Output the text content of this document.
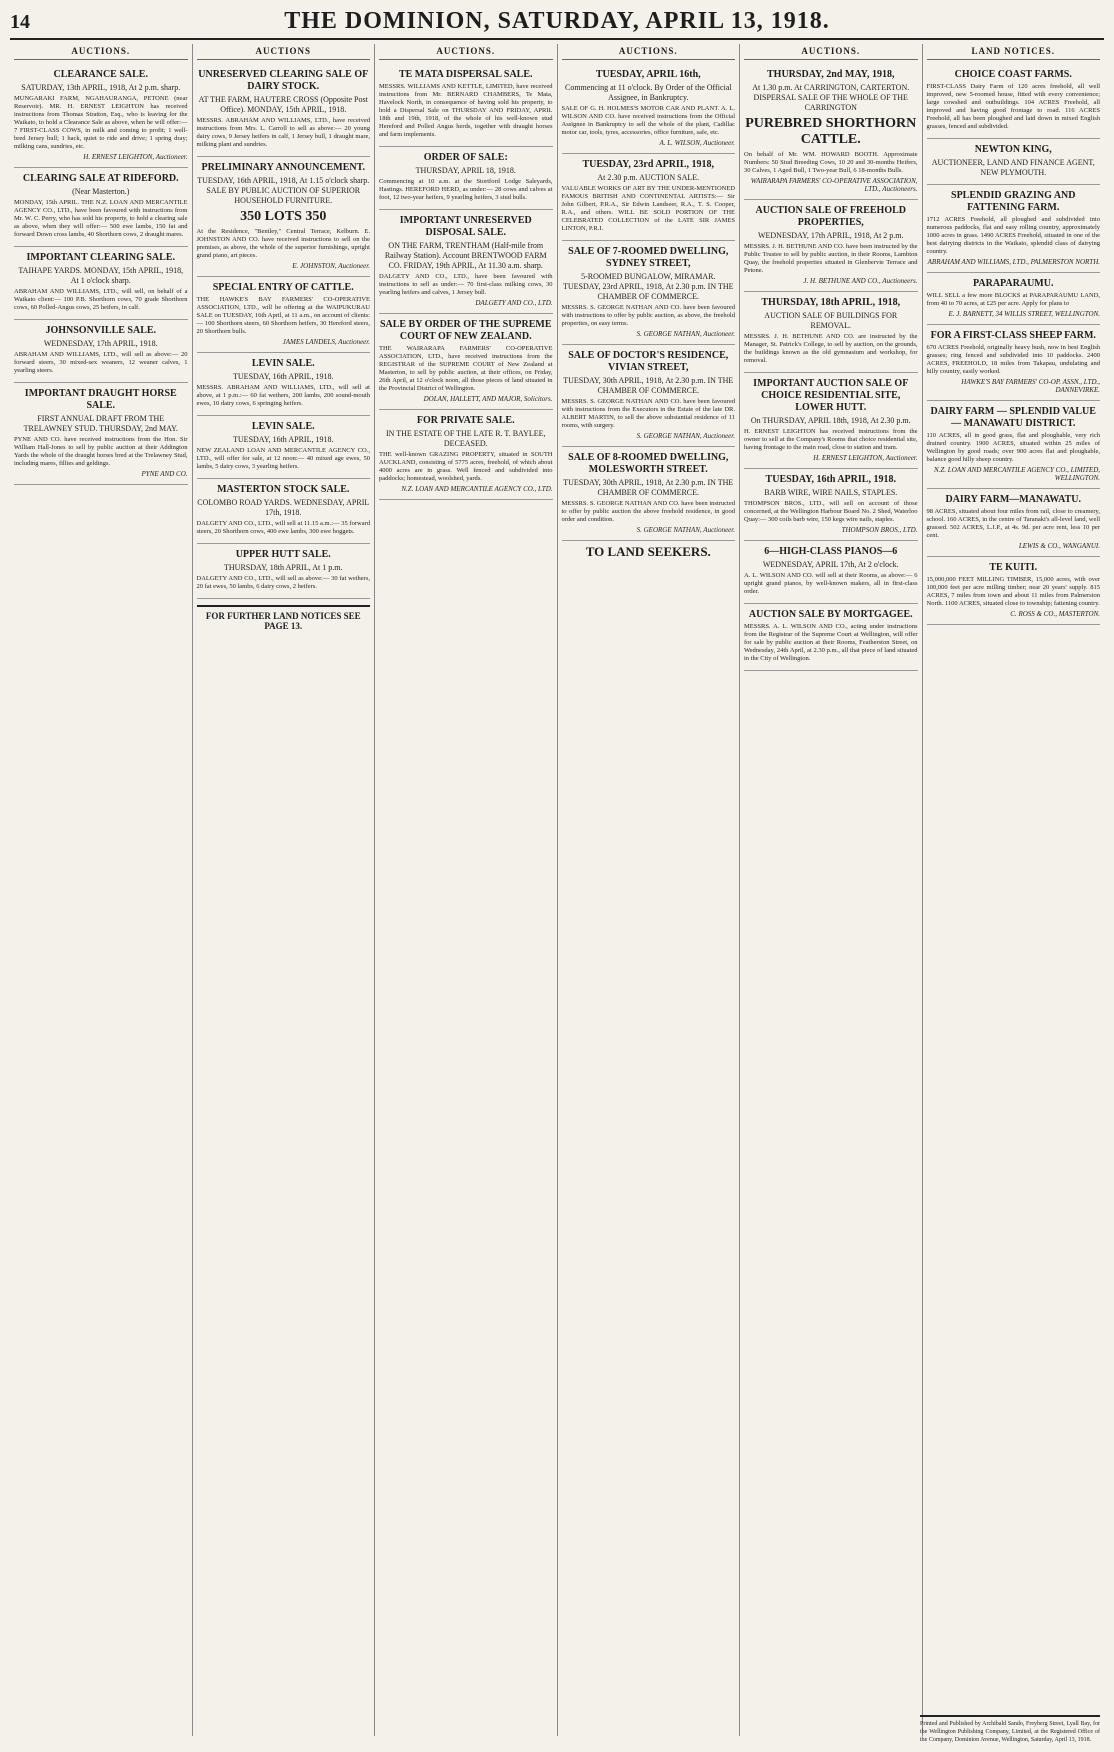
14	THE DOMINION, SATURDAY, APRIL 13, 1918.
AUCTIONS.
CLEARANCE SALE.
SATURDAY, 13th APRIL, 1918, At 2 p.m. sharp.
MUNGARAKI FARM, NGAHAURANGA, PETONE (near Reservoir). MR. H. ERNEST LEIGHTON has received instructions from Thomas Stratton, Esq., who is leaving for the Waikato, to hold a Clearance Sale as above, when he will offer:— 7 FIRST-CLASS COWS, in milk and coming to profit; 1 well-bred Jersey bull; 1 hack, quiet to ride and drive; 1 spring dray; milking cans, sundries, etc.
H. ERNEST LEIGHTON, Auctioneer.
CLEARING SALE AT RIDEFORD.
(Near Masterton.)
MONDAY, 15th APRIL. THE N.Z. LOAN AND MERCANTILE AGENCY CO., LTD., have been favoured with instructions from Mr. W. C. Perry, who has sold his property, to hold a clearing sale as above, when they will offer:— 500 ewe lambs, 150 fat and forward Down cross lambs, 40 Shorthorn cows, 2 draught mares.
IMPORTANT CLEARING SALE.
TAIHAPE YARDS. MONDAY, 15th APRIL, 1918, At 1 o'clock sharp.
ABRAHAM AND WILLIAMS, LTD., will sell, on behalf of a Waikato client:— 100 P.B. Shorthorn cows, 70 grade Shorthorn cows, 60 Polled-Angus cows, 25 heifers, in calf.
JOHNSONVILLE SALE.
WEDNESDAY, 17th APRIL, 1918.
ABRAHAM AND WILLIAMS, LTD., will sell as above:— 20 forward steers, 30 mixed-sex weaners, 12 weaner calves, 1 yearling steers.
IMPORTANT DRAUGHT HORSE SALE.
FIRST ANNUAL DRAFT FROM THE TRELAWNEY STUD. THURSDAY, 2nd MAY.
PYNE AND CO. have received instructions from the Hon. Sir William Hall-Jones to sell by public auction at their Addington Yards the whole of the draught horses bred at the Trelawney Stud, including mares, fillies and geldings.
PYNE AND CO.
AUCTIONS
UNRESERVED CLEARING SALE OF DAIRY STOCK.
AT THE FARM, HAUTERE CROSS (Opposite Post Office). MONDAY, 15th APRIL, 1918.
MESSRS. ABRAHAM AND WILLIAMS, LTD., have received instructions from Mrs. L. Carroll to sell as above:— 20 young dairy cows, 9 Jersey heifers in calf, 1 Jersey bull, 1 draught mare, milking plant and sundries.
PRELIMINARY ANNOUNCEMENT.
TUESDAY, 16th APRIL, 1918, At 1.15 o'clock sharp. SALE BY PUBLIC AUCTION OF SUPERIOR HOUSEHOLD FURNITURE.
350 LOTS 350
At the Residence, "Bentley," Central Terrace, Kelburn. E. JOHNSTON AND CO. have received instructions to sell on the premises, as above, the whole of the superior furnishings, upright grand piano, art pieces.
E. JOHNSTON, Auctioneer.
SPECIAL ENTRY OF CATTLE.
THE HAWKE'S BAY FARMERS' CO-OPERATIVE ASSOCIATION, LTD., will be offering at the WAIPUKURAU SALE on TUESDAY, 16th April, at 11 a.m., on account of clients:— 100 Shorthorn steers, 60 Shorthorn heifers, 30 Hereford steers, 20 Shorthorn bulls.
JAMES LANDELS, Auctioneer.
LEVIN SALE.
TUESDAY, 16th APRIL, 1918.
MESSRS. ABRAHAM AND WILLIAMS, LTD., will sell at above, at 1 p.m.:— 60 fat wethers, 200 lambs, 200 sound-mouth ewes, 10 dairy cows, 6 springing heifers.
LEVIN SALE.
TUESDAY, 16th APRIL, 1918.
NEW ZEALAND LOAN AND MERCANTILE AGENCY CO., LTD., will offer for sale, at 12 noon:— 40 mixed age ewes, 50 lambs, 5 dairy cows, 3 yearling heifers.
MASTERTON STOCK SALE.
COLOMBO ROAD YARDS. WEDNESDAY, APRIL 17th, 1918.
DALGETY AND CO., LTD., will sell at 11.15 a.m.:— 35 forward steers, 20 Shorthorn cows, 400 ewe lambs, 300 ewe hoggets.
UPPER HUTT SALE.
THURSDAY, 18th APRIL, At 1 p.m.
DALGETY AND CO., LTD., will sell as above:— 30 fat wethers, 20 fat ewes, 50 lambs, 6 dairy cows, 2 heifers.
FOR FURTHER LAND NOTICES SEE PAGE 13.
AUCTIONS.
TE MATA DISPERSAL SALE.
MESSRS. WILLIAMS AND KETTLE, LIMITED, have received instructions from Mr. BERNARD CHAMBERS, Te Mata, Havelock North, in consequence of having sold his property, to hold a Dispersal Sale on THURSDAY AND FRIDAY, APRIL 18th and 19th, 1918, of the whole of his well-known stud Hereford and Polled Angus herds, together with draught horses and farm implements.
ORDER OF SALE:
THURSDAY, APRIL 18, 1918.
Commencing at 10 a.m. at the Stortford Lodge Saleyards, Hastings. HEREFORD HERD, as under:— 28 cows and calves at foot, 12 two-year heifers, 9 yearling heifers, 3 stud bulls.
IMPORTANT UNRESERVED DISPOSAL SALE.
ON THE FARM, TRENTHAM (Half-mile from Railway Station). Account BRENTWOOD FARM CO. FRIDAY, 19th APRIL, At 11.30 a.m. sharp.
DALGETY AND CO., LTD., have been favoured with instructions to sell as under:— 70 first-class milking cows, 30 yearling heifers and calves, 1 Jersey bull.
DALGETY AND CO., LTD.
SALE BY ORDER OF THE SUPREME COURT OF NEW ZEALAND.
THE WAIRARAPA FARMERS' CO-OPERATIVE ASSOCIATION, LTD., have received instructions from the REGISTRAR of the SUPREME COURT of New Zealand at Masterton, to sell by public auction, at their offices, on Friday, 26th April, at 12 o'clock noon, all those pieces of land situated in the Provincial District of Wellington.
DOLAN, HALLETT, AND MAJOR, Solicitors.
FOR PRIVATE SALE.
IN THE ESTATE OF THE LATE R. T. BAYLEE, DECEASED.
THE well-known GRAZING PROPERTY, situated in SOUTH AUCKLAND, consisting of 5775 acres, freehold, of which about 4000 acres are in grass. Well fenced and subdivided into paddocks; homestead, woolshed, yards.
N.Z. LOAN AND MERCANTILE AGENCY CO., LTD.
AUCTIONS.
TUESDAY, APRIL 16th,
Commencing at 11 o'clock. By Order of the Official Assignee, in Bankruptcy.
SALE OF G. H. HOLMES'S MOTOR CAR AND PLANT. A. L. WILSON AND CO. have received instructions from the Official Assignee in Bankruptcy to sell the whole of the plant, Cadillac motor car, tools, tyres, accessories, office furniture, safe, etc.
A. L. WILSON, Auctioneer.
TUESDAY, 23rd APRIL, 1918,
At 2.30 p.m. AUCTION SALE.
VALUABLE WORKS OF ART BY THE UNDER-MENTIONED FAMOUS BRITISH AND CONTINENTAL ARTISTS:— Sir John Gilbert, P.R.A., Sir Edwin Landseer, R.A., T. S. Cooper, R.A., and others. WILL BE SOLD PORTION OF THE CELEBRATED COLLECTION of the LATE SIR JAMES LINTON, P.R.I.
SALE OF 7-ROOMED DWELLING, SYDNEY STREET,
5-ROOMED BUNGALOW, MIRAMAR. TUESDAY, 23rd APRIL, 1918, At 2.30 p.m. IN THE CHAMBER OF COMMERCE.
MESSRS. S. GEORGE NATHAN AND CO. have been favoured with instructions to offer by public auction, as above, the freehold properties, on easy terms.
S. GEORGE NATHAN, Auctioneer.
SALE OF DOCTOR'S RESIDENCE, VIVIAN STREET,
TUESDAY, 30th APRIL, 1918, At 2.30 p.m. IN THE CHAMBER OF COMMERCE.
MESSRS. S. GEORGE NATHAN AND CO. have been favoured with instructions from the Executors in the Estate of the late DR. ALBERT MARTIN, to sell the above substantial residence of 11 rooms, with surgery.
S. GEORGE NATHAN, Auctioneer.
SALE OF 8-ROOMED DWELLING, MOLESWORTH STREET.
TUESDAY, 30th APRIL, 1918, At 2.30 p.m. IN THE CHAMBER OF COMMERCE.
MESSRS. S. GEORGE NATHAN AND CO. have been instructed to offer by public auction the above freehold residence, in good order and condition.
S. GEORGE NATHAN, Auctioneer.
TO LAND SEEKERS.
AUCTIONS.
THURSDAY, 2nd MAY, 1918,
At 1.30 p.m. At CARRINGTON, CARTERTON. DISPERSAL SALE OF THE WHOLE OF THE CARRINGTON
PUREBRED SHORTHORN CATTLE.
On behalf of Mr. WM. HOWARD BOOTH. Approximate Numbers: 50 Stud Breeding Cows, 10 20 and 30-months Heifers, 30 Calves, 1 Aged Bull, 1 Two-year Bull, 6 18-months Bulls.
WAIRARAPA FARMERS' CO-OPERATIVE ASSOCIATION, LTD., Auctioneers.
AUCTION SALE OF FREEHOLD PROPERTIES,
WEDNESDAY, 17th APRIL, 1918, At 2 p.m.
MESSRS. J. H. BETHUNE AND CO. have been instructed by the Public Trustee to sell by public auction, in their Rooms, Lambton Quay, the freehold properties situated in Glenbervie Terrace and Petone.
J. H. BETHUNE AND CO., Auctioneers.
THURSDAY, 18th APRIL, 1918,
AUCTION SALE OF BUILDINGS FOR REMOVAL.
MESSRS. J. H. BETHUNE AND CO. are instructed by the Manager, St. Patrick's College, to sell by auction, on the grounds, the buildings known as the old gymnasium and workshop, for removal.
IMPORTANT AUCTION SALE OF CHOICE RESIDENTIAL SITE, LOWER HUTT.
On THURSDAY, APRIL 18th, 1918, At 2.30 p.m.
H. ERNEST LEIGHTON has received instructions from the owner to sell at the Company's Rooms that choice residential site, having frontage to the main road, close to station and tram.
H. ERNEST LEIGHTON, Auctioneer.
TUESDAY, 16th APRIL, 1918.
BARB WIRE, WIRE NAILS, STAPLES.
THOMPSON BROS., LTD., will sell on account of those concerned, at the Wellington Harbour Board No. 2 Shed, Waterloo Quay:— 300 coils barb wire, 150 kegs wire nails, staples.
THOMPSON BROS., LTD.
6—HIGH-CLASS PIANOS—6
WEDNESDAY, APRIL 17th, At 2 o'clock.
A. L. WILSON AND CO. will sell at their Rooms, as above:— 6 upright grand pianos, by well-known makers, all in first-class order.
AUCTION SALE BY MORTGAGEE.
MESSRS. A. L. WILSON AND CO., acting under instructions from the Registrar of the Supreme Court at Wellington, will offer for sale by public auction at their Rooms, Featherston Street, on Wednesday, 24th April, at 2.30 p.m., all that piece of land situated in the City of Wellington.
LAND NOTICES.
CHOICE COAST FARMS.
FIRST-CLASS Dairy Farm of 120 acres freehold, all well improved, new 5-roomed house, fitted with every convenience; large cowshed and outbuildings. 104 ACRES Freehold, all improved and having good frontage to road. 116 ACRES Freehold, all has been ploughed and laid down in mixed English grasses, fenced and subdivided.
NEWTON KING,
AUCTIONEER, LAND AND FINANCE AGENT, NEW PLYMOUTH.
SPLENDID GRAZING AND FATTENING FARM.
1712 ACRES Freehold, all ploughed and subdivided into numerous paddocks, flat and easy rolling country, approximately 1000 acres in grass. 1490 ACRES Freehold, situated in one of the best dairying districts in the Waikato, splendid class of dairying country.
ABRAHAM AND WILLIAMS, LTD., PALMERSTON NORTH.
PARAPARAUMU.
WILL SELL a few more BLOCKS at PARAPARAUMU LAND, from 40 to 70 acres, at £25 per acre. Apply for plans to
E. J. BARNETT, 34 WILLIS STREET, WELLINGTON.
FOR A FIRST-CLASS SHEEP FARM.
670 ACRES Freehold, originally heavy bush, now in best English grasses; ring fenced and subdivided into 10 paddocks. 2400 ACRES, FREEHOLD, 18 miles from Takapau, undulating and hilly country, easily worked.
HAWKE'S BAY FARMERS' CO-OP. ASSN., LTD., DANNEVIRKE.
DAIRY FARM — SPLENDID VALUE — MANAWATU DISTRICT.
110 ACRES, all in good grass, flat and ploughable, very rich drained country. 1900 ACRES, situated within 25 miles of Wellington by good roads; over 900 acres flat and ploughable, balance good hilly sheep country.
N.Z. LOAN AND MERCANTILE AGENCY CO., LIMITED, WELLINGTON.
DAIRY FARM—MANAWATU.
98 ACRES, situated about four miles from rail, close to creamery, school. 160 ACRES, in the centre of Taranaki's all-level land, well grassed. 502 ACRES, L.I.P., at 4s. 9d. per acre rent, less 10 per cent.
LEWIS & CO., WANGANUI.
TE KUITI.
15,000,000 FEET MILLING TIMBER, 15,000 acres, with over 100,000 feet per acre milling timber; near 20 years' supply. 815 ACRES, 7 miles from town and about 11 miles from Palmerston North. 1100 ACRES, situated close to township; fattening country.
C. ROSS & CO., MASTERTON.
Printed and Published by Archibald Sando, Freyberg Street, Lyall Bay, for the Wellington Publishing Company, Limited, at the Registered Office of the Company, Dominion Avenue, Wellington, Saturday, April 13, 1918.
